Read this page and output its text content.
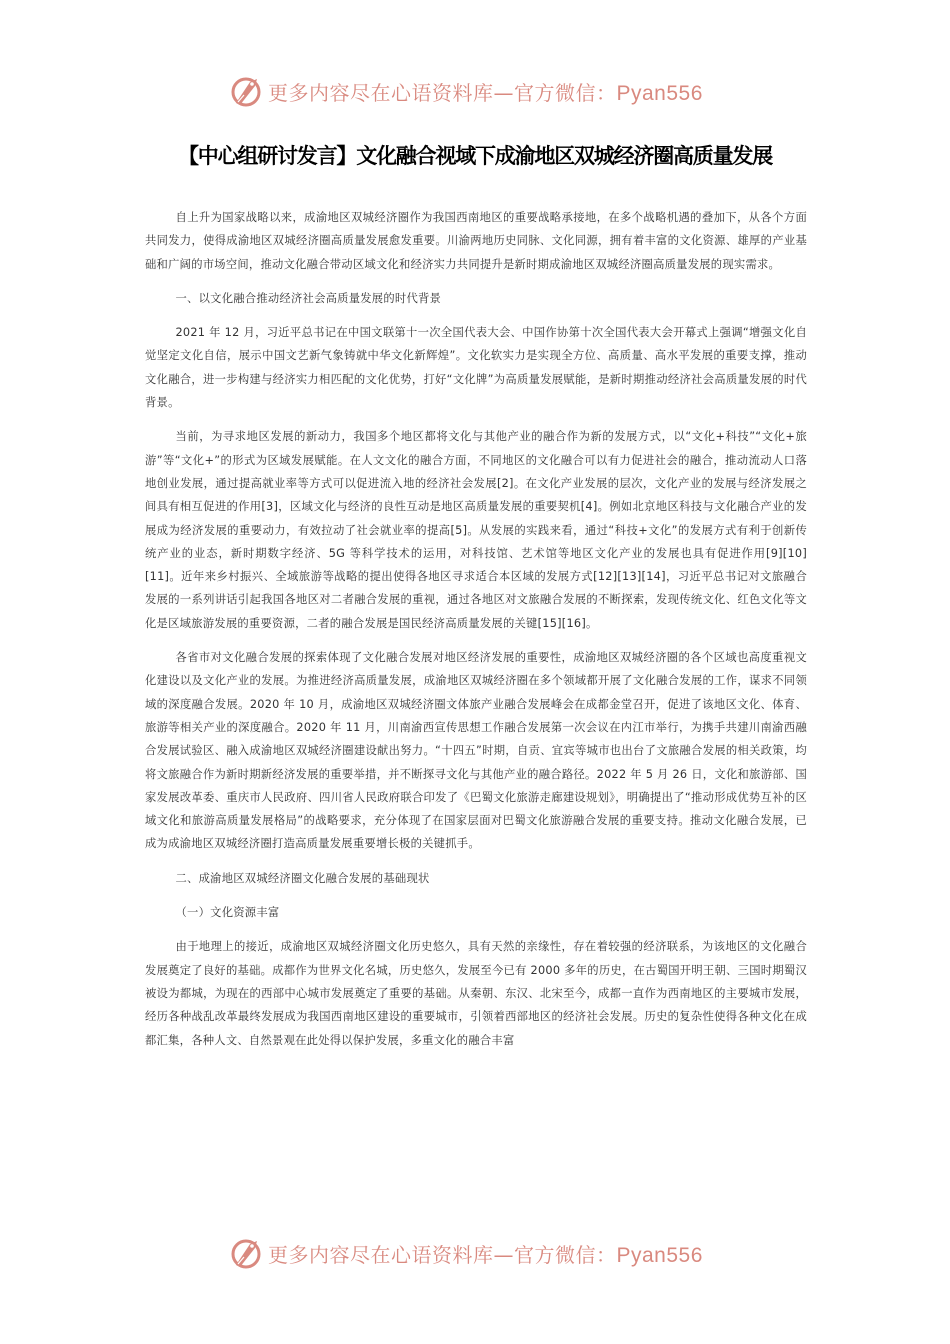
更多内容尽在心语资料库—官方微信：Pyan556
【中心组研讨发言】文化融合视域下成渝地区双城经济圈高质量发展

自上升为国家战略以来，成渝地区双城经济圈作为我国西南地区的重要战略承接地，在多个战略机遇的叠加下，从各个方面共同发力，使得成渝地区双城经济圈高质量发展愈发重要。川渝两地历史同脉、文化同源，拥有着丰富的文化资源、雄厚的产业基础和广阔的市场空间，推动文化融合带动区域文化和经济实力共同提升是新时期成渝地区双城经济圈高质量发展的现实需求。

一、以文化融合推动经济社会高质量发展的时代背景

2021 年 12 月，习近平总书记在中国文联第十一次全国代表大会、中国作协第十次全国代表大会开幕式上强调“增强文化自觉坚定文化自信，展示中国文艺新气象铸就中华文化新辉煌”。文化软实力是实现全方位、高质量、高水平发展的重要支撑，推动文化融合，进一步构建与经济实力相匹配的文化优势，打好“文化牌”为高质量发展赋能，是新时期推动经济社会高质量发展的时代背景。

当前，为寻求地区发展的新动力，我国多个地区都将文化与其他产业的融合作为新的发展方式，以“文化+科技”“文化+旅游”等“文化+”的形式为区域发展赋能。在人文文化的融合方面，不同地区的文化融合可以有力促进社会的融合，推动流动人口落地创业发展，通过提高就业率等方式可以促进流入地的经济社会发展[2]。在文化产业发展的层次，文化产业的发展与经济发展之间具有相互促进的作用[3]，区域文化与经济的良性互动是地区高质量发展的重要契机[4]。例如北京地区科技与文化融合产业的发展成为经济发展的重要动力，有效拉动了社会就业率的提高[5]。从发展的实践来看，通过“科技+文化”的发展方式有利于创新传统产业的业态，新时期数字经济、5G 等科学技术的运用，对科技馆、艺术馆等地区文化产业的发展也具有促进作用[9][10][11]。近年来乡村振兴、全域旅游等战略的提出使得各地区寻求适合本区域的发展方式[12][13][14]，习近平总书记对文旅融合发展的一系列讲话引起我国各地区对二者融合发展的重视，通过各地区对文旅融合发展的不断探索，发现传统文化、红色文化等文化是区域旅游发展的重要资源，二者的融合发展是国民经济高质量发展的关键[15][16]。

各省市对文化融合发展的探索体现了文化融合发展对地区经济发展的重要性，成渝地区双城经济圈的各个区域也高度重视文化建设以及文化产业的发展。为推进经济高质量发展，成渝地区双城经济圈在多个领域都开展了文化融合发展的工作，谋求不同领域的深度融合发展。2020 年 10 月，成渝地区双城经济圈文体旅产业融合发展峰会在成都金堂召开，促进了该地区文化、体育、旅游等相关产业的深度融合。2020 年 11 月，川南渝西宣传思想工作融合发展第一次会议在内江市举行，为携手共建川南渝西融合发展试验区、融入成渝地区双城经济圈建设献出努力。“十四五”时期，自贡、宜宾等城市也出台了文旅融合发展的相关政策，均将文旅融合作为新时期新经济发展的重要举措，并不断探寻文化与其他产业的融合路径。2022 年 5 月 26 日，文化和旅游部、国家发展改革委、重庆市人民政府、四川省人民政府联合印发了《巴蜀文化旅游走廊建设规划》，明确提出了“推动形成优势互补的区域文化和旅游高质量发展格局”的战略要求，充分体现了在国家层面对巴蜀文化旅游融合发展的重要支持。推动文化融合发展，已成为成渝地区双城经济圈打造高质量发展重要增长极的关键抓手。

二、成渝地区双城经济圈文化融合发展的基础现状

（一）文化资源丰富

由于地理上的接近，成渝地区双城经济圈文化历史悠久，具有天然的亲缘性，存在着较强的经济联系，为该地区的文化融合发展奠定了良好的基础。成都作为世界文化名城，历史悠久，发展至今已有 2000 多年的历史，在古蜀国开明王朝、三国时期蜀汉被设为都城，为现在的西部中心城市发展奠定了重要的基础。从秦朝、东汉、北宋至今，成都一直作为西南地区的主要城市发展，经历各种战乱改革最终发展成为我国西南地区建设的重要城市，引领着西部地区的经济社会发展。历史的复杂性使得各种文化在成都汇集，各种人文、自然景观在此处得以保护发展，多重文化的融合丰富

更多内容尽在心语资料库—官方微信：Pyan556
